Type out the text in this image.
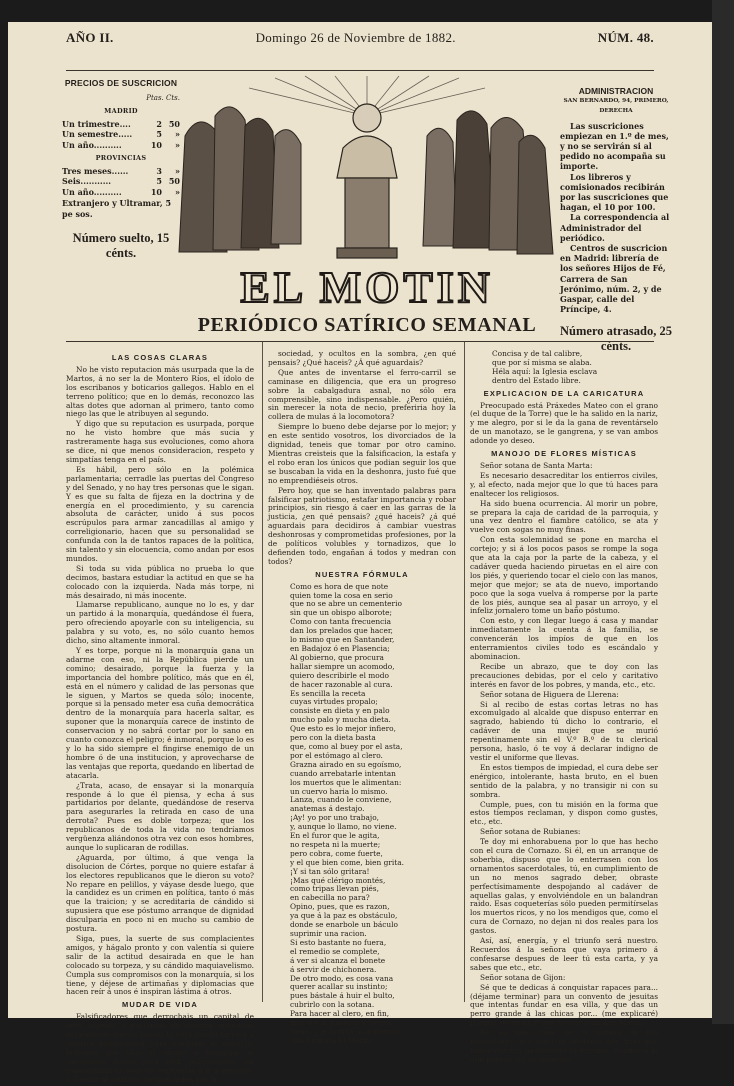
AÑO II.	Domingo 26 de Noviembre de 1882.	NÚM. 48.
PRECIOS DE SUSCRICION
Ptas. Cts.
MADRID
Un trimestre....	2 50
Un semestre.....	5	»
Un año..........	10	»
PROVINCIAS
Tres meses......	3	»
Seis...........	5 50
Un año..........	10	»
Extranjero y Ultramar, 5 pe sos.
Número suelto, 15 cénts.
ADMINISTRACION
SAN BERNARDO, 94, PRIMERO, DERECHA

Las suscriciones empiezan en 1.º de mes, y no se servirán si al pedido no acompaña su importe.

Los libreros y comisionados recibirán por las suscriciones que hagan, el 10 por 100.

La correspondencia al Administrador del periódico.

Centros de suscricion en Madrid: librería de los señores Hijos de Fé, Carrera de San Jerónimo, núm. 2, y de Gaspar, calle del Príncipe, 4.

Número atrasado, 25 cénts.
EL MOTIN
PERIÓDICO SATÍRICO SEMANAL

LAS COSAS CLARAS

No he visto reputacion más usurpada que la de Martos, á no ser la de Montero Ríos, el ídolo de los escribanos y boticarios gallegos. Hablo en el terreno político; que en lo demás, reconozco las altas dotes que adornan al primero, tanto como niego las que le atribuyen al segundo.

Y digo que su reputacion es usurpada, porque no he visto hombre que más sucia y rastreramente haga sus evoluciones, como ahora se dice, ni que menos consideracion, respeto y simpatías tenga en el país.

Es hábil, pero sólo en la polémica parlamentaria; cerradle las puertas del Congreso y del Senado, y no hay tres personas que le sigan. Y es que su falta de fijeza en la doctrina y de energía en el procedimiento, y su carencia absoluta de carácter, unido á sus pocos escrúpulos para armar zancadillas al amigo y correligionario, hacen que su personalidad se confunda con la de tantos rapaces de la política, sin talento y sin elocuencia, como andan por esos mundos.

Si toda su vida pública no prueba lo que decimos, bastara estudiar la actitud en que se ha colocado con la izquierda. Nada más torpe, ni más desairado, ni más inocente.

Llamarse republicano, aunque no lo es, y dar un partido á la monarquía, quedándose él fuera, pero ofreciendo apoyarle con su inteligencia, su palabra y su voto, es, no sólo cuanto hemos dicho, sino altamente inmoral.

Y es torpe, porque ni la monarquía gana un adarme con eso, ni la República pierde un comino; desairado, porque la fuerza y la importancia del hombre político, más que en él, está en el número y calidad de las personas que le siguen, y Martos se queda sólo; inocente, porque si la pensado meter esa cuña democrática dentro de la monarquía para hacerla saltar, es suponer que la monarquía carece de instinto de conservacion y no sabrá cortar por lo sano en cuanto conozca el peligro; é inmoral, porque lo es y lo ha sido siempre el fingirse enemigo de un hombre ó de una institucion, y aprovecharse de las ventajas que reporta, quedando en libertad de atacarla.

¿Trata, acaso, de ensayar si la monarquía responde á lo que él piensa, y echa á sus partidarios por delante, quedándose de reserva para asegurarles la retirada en caso de una derrota? Pues es doble torpeza; que los republicanos de toda la vida no tendríamos vergüenza aliándonos otra vez con esos hombres, aunque lo suplicaran de rodillas.

¿Aguarda, por último, á que venga la disolucion de Córtes, porque no quiere estafar á los electores republicanos que le dieron su voto? No repare en pelillos, y váyase desde luego, que la candidez es un crimen en política, tanto ó más que la traicion; y se acreditaria de cándido si supusiera que ese póstumo arranque de dignidad disculparia en poco ni en mucho su cambio de postura.

Siga, pues, la suerte de sus complacientes amigos, y hágalo pronto y con valentía si quiere salir de la actitud desairada en que le han colocado su torpeza, y su cándido maquiavelismo. Cumpla sus compromisos con la monarquía, si los tiene, y déjese de artimañas y diplomacias que hacen reír á unos é inspiran lástima á otros.

MUDAR DE VIDA

Falsificadores que derrochais un capital de arte, ingenio y paciencia en vuestra industria; estafadores que os pasais la vida dando tortura á vuestra imaginacion para asegurar el negocio; ladrones que salís al campo á desvalijar al caminante; todos para vivir pobremente, sin tranquilidad ni sosiego, expuestos á ir á presidio, ó á subir al cadalso; despreciados por la

sociedad, y ocultos en la sombra, ¿en qué pensais? ¿Qué haceis? ¿Á qué aguardais?

Que antes de inventarse el ferro-carril se caminase en diligencia, que era un progreso sobre la cabalgadura asnal, no sólo era comprensible, sino indispensable. ¿Pero quién, sin merecer la nota de necio, preferiria hoy la collera de mulas á la locomotora?

Siempre lo bueno debe dejarse por lo mejor; y en este sentido vosotros, los divorciados de la dignidad, teneis que tomar por otro camino. Mientras creisteis que la falsificacion, la estafa y el robo eran los únicos que podian seguir los que se buscaban la vida en la deshonra, justo fué que no emprendiéseis otros.

Pero hoy, que se han inventado palabras para falsificar patriotismo, estafar importancia y robar principios, sin riesgo á caer en las garras de la justicia, ¿en qué pensais? ¿qué haceis? ¿á qué aguardais para decidiros á cambiar vuestras deshonrosas y comprometidas profesiones, por la de políticos volubles y tornadizos, que lo defienden todo, engañan á todos y medran con todos?

NUESTRA FÓRMULA

Como es hora de que note
quien tome la cosa en serio
que no se abre un cementerio
sin que un obispo alborote;
Como con tanta frecuencia
dan los prelados que hacer,
lo mismo que en Santander,
en Badajoz ó en Plasencia;
Al gobierno, que procura
hallar siempre un acomodo,
quiero describirle el modo
de hacer razonable al cura.
Es sencilla la receta
cuyas virtudes propalo;
consiste en dieta y en palo
mucho palo y mucha dieta.
Que esto es lo mejor infiero,
pero con la dieta basta
que, como al buey por el asta,
por el estómago al clero.
Grazna airado en su egoísmo,
cuando arrebatarle intentan
los muertos que le alimentan:
un cuervo haria lo mismo.
Lanza, cuando le conviene,
anatemas á destajo.
¡Ay! yo por uno trabajo,
y, aunque lo llamo, no viene.
En el furor que le agita,
no respeta ni la muerte;
pero cobra, come fuerte,
y el que bien come, bien grita.
¡Y si tan sólo gritara!
¡Mas qué clérigo montés,
como tripas llevan piés,
en cabecilla no para?
Opino, pues, que es razon,
ya que á la paz es obstáculo,
donde se enarbole un báculo
suprimir una racion.
Si esto bastante no fuera,
el remedio se complete,
á ver si alcanza el bonete
á servir de chichonera.
De otro modo, es cosa vana
querer acallar su instinto;
pues bástale á huir el bulto,
cubrirlo con la sotana.
Para hacer al clero, en fin,
más dócil, piadoso y tierno,
tiene, y le brinda al gobierno
una fórmula El Motin.

Concisa y de tal calibre,
que por sí misma se alaba.
Héla aquí: la Iglesia esclava
dentro del Estado libre.

EXPLICACION DE LA CARICATURA

Preocupado está Práxedes Mateo con el grano (el duque de la Torre) que le ha salido en la nariz, y me alegro, por si le da la gana de reventárselo de un manotazo, se le gangrena, y se van ambos adonde yo deseo.

MANOJO DE FLORES MÍSTICAS

Señor sotana de Santa Marta:

Es necesario desacreditar los entierros civiles, y, al efecto, nada mejor que lo que tú haces para enaltecer los religiosos.

Ha sido buena ocurrencia. Al morir un pobre, se prepara la caja de caridad de la parroquia, y una vez dentro el fiambre católico, se ata y vuelve con sogas no muy finas.

Con esta solemnidad se pone en marcha el cortejo; y si á los pocos pasos se rompe la soga que ata la caja por la parte de la cabeza, y el cadáver queda haciendo piruetas en el aire con los piés, y queriendo tocar el cielo con las manos, mejor que mejor; se ata de nuevo, importando poco que la soga vuelva á romperse por la parte de los piés, aunque sea al pasar un arroyo, y el infeliz jornalero tome un baño póstumo.

Con esto, y con llegar luego á casa y mandar inmediatamente la cuenta á la familia, se convencerán los impíos de que en los enterramientos civiles todo es escándalo y abominacion.

Recibe un abrazo, que te doy con las precauciones debidas, por el celo y caritativo interés en favor de los pobres, y manda, etc., etc.

Señor sotana de Higuera de Llerena:

Si al recibo de estas cortas letras no has excomulgado al alcalde que dispuso enterrar en sagrado, habiendo tú dicho lo contrario, el cadáver de una mujer que se murió repentinamente sin el V.º B.º de tu clerical persona, haslo, ó te voy á declarar indigno de vestir el uniforme que llevas.

En estos tiempos de impiedad, el cura debe ser enérgico, intolerante, hasta bruto, en el buen sentido de la palabra, y no transigir ni con su sombra.

Cumple, pues, con tu misión en la forma que estos tiempos reclaman, y dispon como gustes, etc., etc.

Señor sotana de Rubianes:

Te doy mi enhorabuena por lo que has hecho con el cura de Cornazo. Si él, en un arranque de soberbia, dispuso que lo enterrasen con los ornamentos sacerdotales, tú, en cumplimiento de un no menos sagrado deber, obraste perfectísimamente despojando al cadáver de aquellas galas, y envolviéndole en un balandran raido. Esas coqueterías sólo pueden permitírselas los muertos ricos, y no los mendigos que, como el cura de Cornazo, no dejan ni dos reales para los gastos.

Así, así, energía, y el triunfo será nuestro. Recuerdos á la señora que vaya primero á confesarse despues de leer tú esta carta, y ya sabes que etc., etc.

Señor sotana de Gijon:

Sé que te dedicas á conquistar rapaces para... (déjame terminar) para un convento de jesuitas que intentas fundar en esa villa, y que das un perro grande á las chicas por... (me explicaré) porque recen un Pater Noster y un Ave María.

No es que dude de la pureza de tus intenciones, no; pero te advierto que irías por mejor camino gastándote tu fortuna, regular á lo que parece, no en niñerías,
